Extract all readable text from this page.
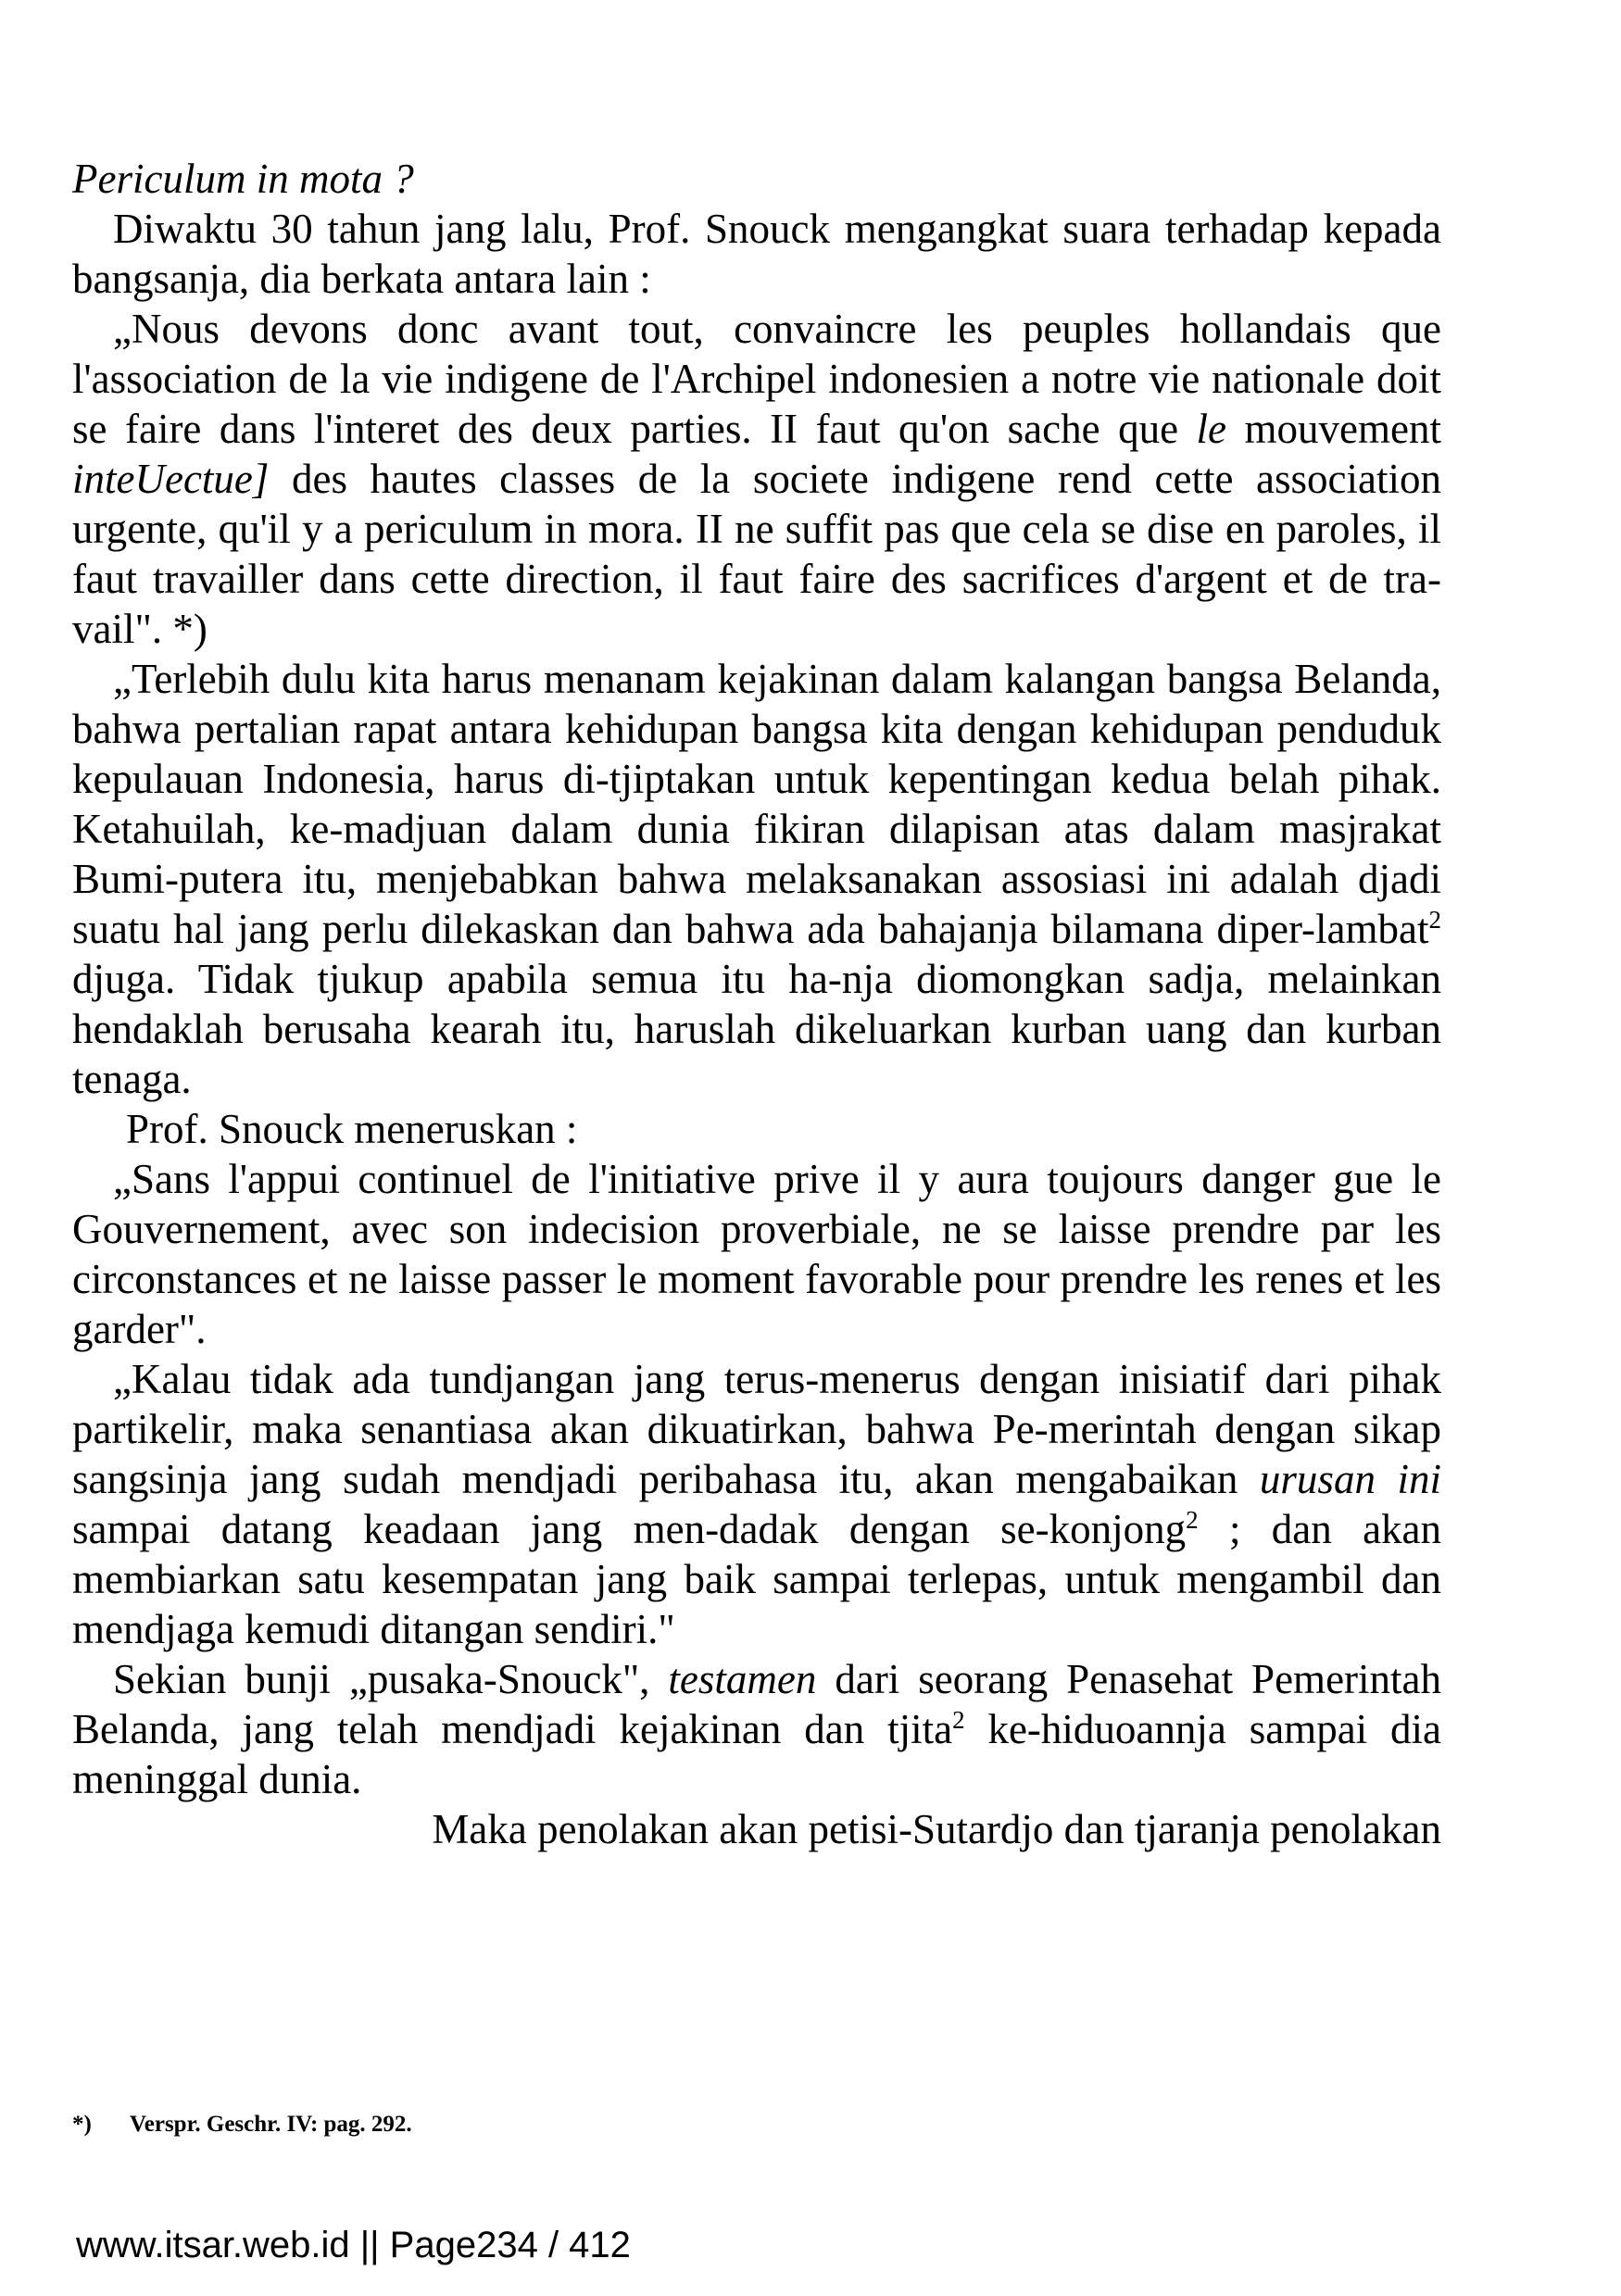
Periculum in mota ?

Diwaktu 30 tahun jang lalu, Prof. Snouck mengangkat suara terhadap kepada bangsanja, dia berkata antara lain :

„Nous devons donc avant tout, convaincre les peuples hollandais que l'association de la vie indigene de l'Archipel indonesien a notre vie nationale doit se faire dans l'interet des deux parties. II faut qu'on sache que le mouvement inteUectue] des hautes classes de la societe indigene rend cette association urgente, qu'il y a periculum in mora. II ne suffit pas que cela se dise en paroles, il faut travailler dans cette direction, il faut faire des sacrifices d'argent et de tra-vail". *)

„Terlebih dulu kita harus menanam kejakinan dalam kalangan bangsa Belanda, bahwa pertalian rapat antara kehidupan bangsa kita dengan kehidupan penduduk kepulauan Indonesia, harus di-tjiptakan untuk kepentingan kedua belah pihak. Ketahuilah, ke-madjuan dalam dunia fikiran dilapisan atas dalam masjrakat Bumi-putera itu, menjebabkan bahwa melaksanakan assosiasi ini adalah djadi suatu hal jang perlu dilekaskan dan bahwa ada bahajanja bilamana diper-lambat$^2$ djuga. Tidak tjukup apabila semua itu ha-nja diomongkan sadja, melainkan hendaklah berusaha kearah itu, haruslah dikeluarkan kurban uang dan kurban tenaga.

Prof. Snouck meneruskan :

„Sans l'appui continuel de l'initiative prive il y aura toujours danger gue le Gouvernement, avec son indecision proverbiale, ne se laisse prendre par les circonstances et ne laisse passer le moment favorable pour prendre les renes et les garder".

„Kalau tidak ada tundjangan jang terus-menerus dengan inisiatif dari pihak partikelir, maka senantiasa akan dikuatirkan, bahwa Pe-merintah dengan sikap sangsinja jang sudah mendjadi peribahasa itu, akan mengabaikan urusan ini sampai datang keadaan jang men-dadak dengan se-konjong$^2$ ; dan akan membiarkan satu kesempatan jang baik sampai terlepas, untuk mengambil dan mendjaga kemudi ditangan sendiri."

Sekian bunji „pusaka-Snouck", testamen dari seorang Penasehat Pemerintah Belanda, jang telah mendjadi kejakinan dan tjita$^2$ ke-hiduoannja sampai dia meninggal dunia.

Maka penolakan akan petisi-Sutardjo dan tjaranja penolakan

*) Verspr. Geschr. IV: pag. 292.
www.itsar.web.id || Page234 / 412
